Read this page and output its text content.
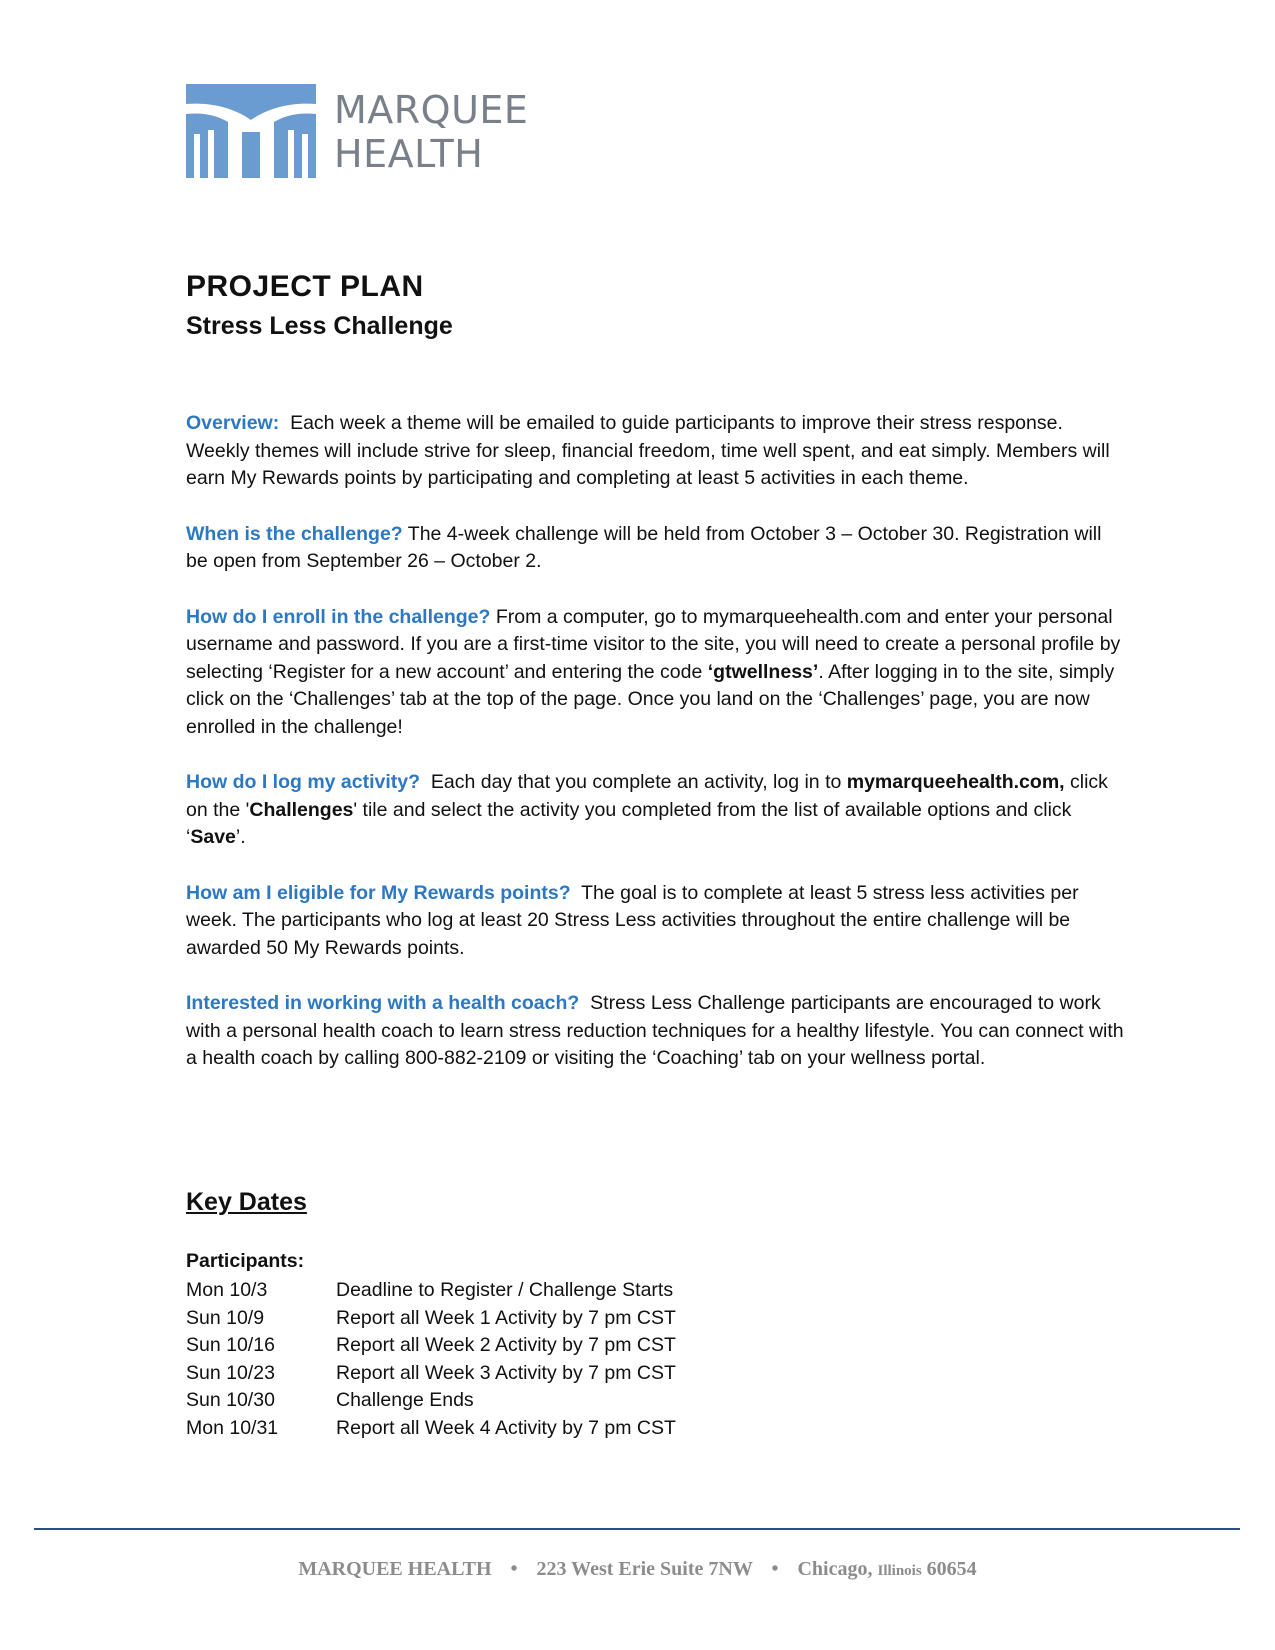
MARQUEE
HEALTH
PROJECT PLAN
Stress Less Challenge

Overview: Each week a theme will be emailed to guide participants to improve their stress response. Weekly themes will include strive for sleep, financial freedom, time well spent, and eat simply. Members will earn My Rewards points by participating and completing at least 5 activities in each theme.

When is the challenge? The 4-week challenge will be held from October 3 – October 30. Registration will be open from September 26 – October 2.

How do I enroll in the challenge? From a computer, go to mymarqueehealth.com and enter your personal username and password. If you are a first-time visitor to the site, you will need to create a personal profile by selecting ‘Register for a new account’ and entering the code ‘gtwellness’. After logging in to the site, simply click on the ‘Challenges’ tab at the top of the page. Once you land on the ‘Challenges’ page, you are now enrolled in the challenge!

How do I log my activity? Each day that you complete an activity, log in to mymarqueehealth.com, click on the 'Challenges' tile and select the activity you completed from the list of available options and click ‘Save’.

How am I eligible for My Rewards points? The goal is to complete at least 5 stress less activities per week. The participants who log at least 20 Stress Less activities throughout the entire challenge will be awarded 50 My Rewards points.

Interested in working with a health coach? Stress Less Challenge participants are encouraged to work with a personal health coach to learn stress reduction techniques for a healthy lifestyle. You can connect with a health coach by calling 800-882-2109 or visiting the ‘Coaching’ tab on your wellness portal.

Key Dates
Participants:
Mon 10/3	Deadline to Register / Challenge Starts
Sun 10/9	Report all Week 1 Activity by 7 pm CST
Sun 10/16	Report all Week 2 Activity by 7 pm CST
Sun 10/23	Report all Week 3 Activity by 7 pm CST
Sun 10/30	Challenge Ends
Mon 10/31	Report all Week 4 Activity by 7 pm CST
MARQUEE HEALTH • 223 West Erie Suite 7NW • Chicago, Illinois 60654
